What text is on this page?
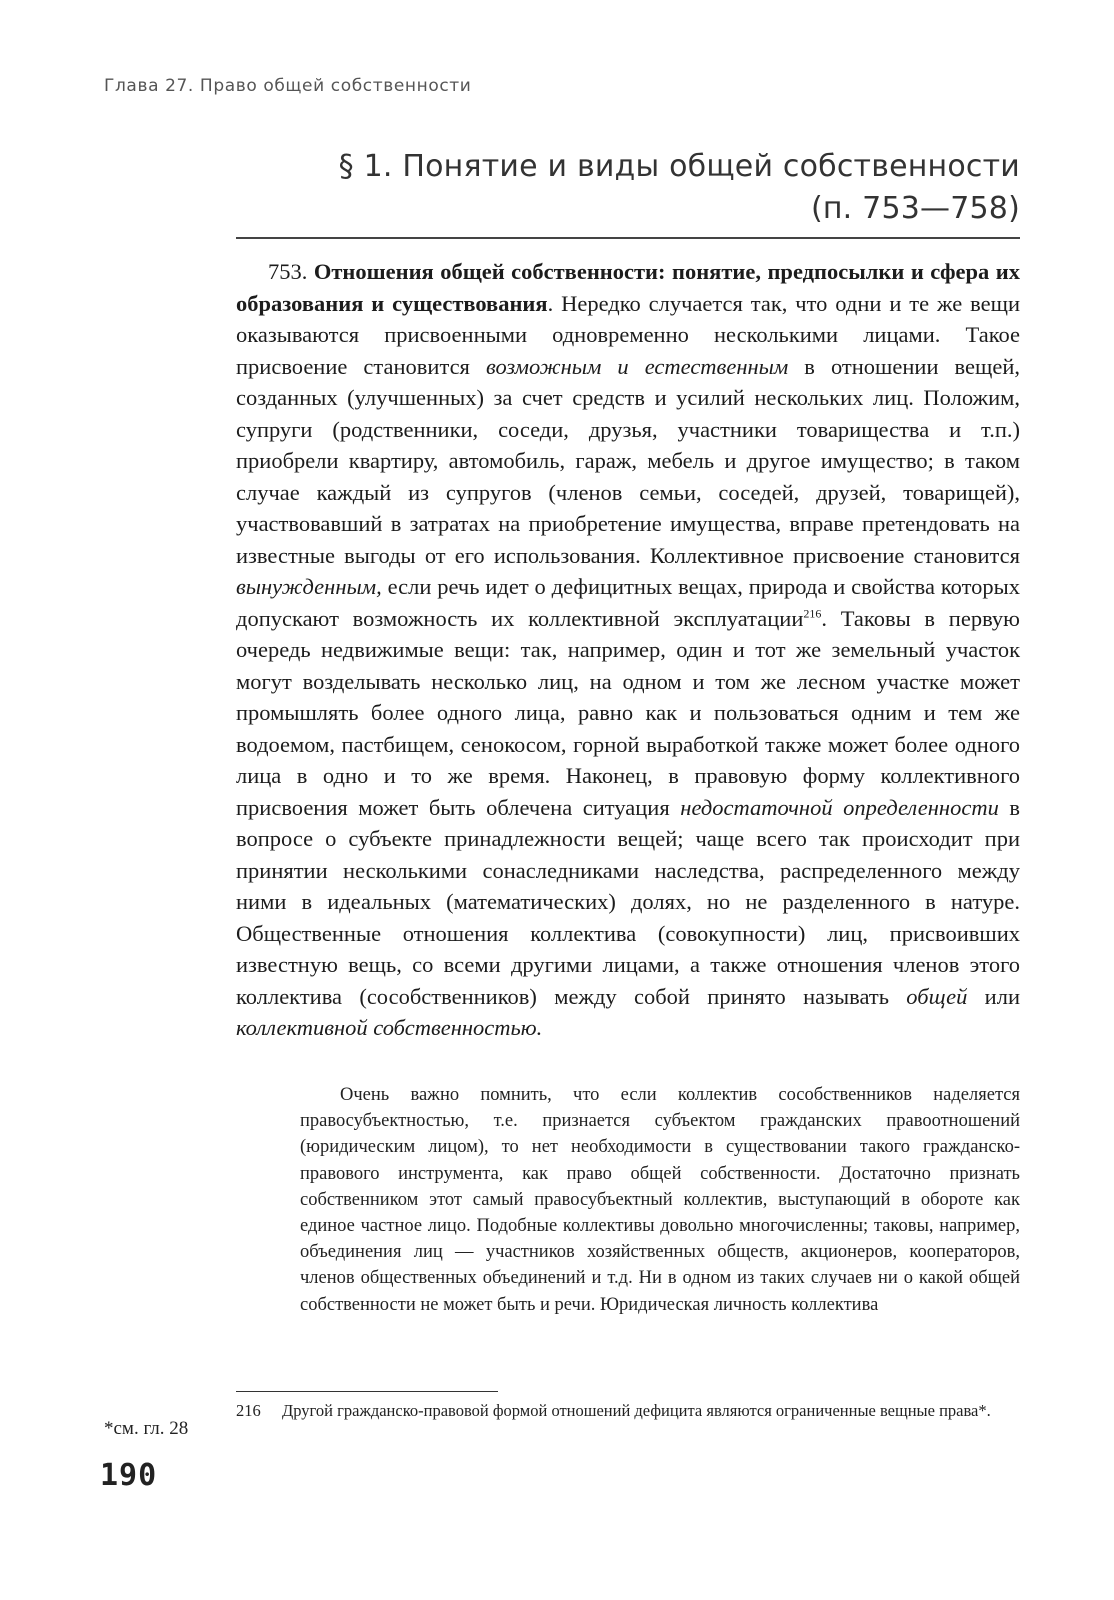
Глава 27. Право общей собственности
§ 1. Понятие и виды общей собственности
(п. 753—758)

753. Отношения общей собственности: понятие, предпосылки и сфера их образования и существования. Нередко случается так, что одни и те же вещи оказываются присвоенными одновременно несколькими лицами. Такое присвоение становится возможным и естественным в отношении вещей, созданных (улучшенных) за счет средств и усилий нескольких лиц. Положим, супруги (родственники, соседи, друзья, участники товарищества и т.п.) приобрели квартиру, автомобиль, гараж, мебель и другое имущество; в таком случае каждый из супругов (членов семьи, соседей, друзей, товарищей), участвовавший в затратах на приобретение имущества, вправе претендовать на известные выгоды от его использования. Коллективное присвоение становится вынужденным, если речь идет о дефицитных вещах, природа и свойства которых допускают возможность их коллективной эксплуатации$^{216}$. Таковы в первую очередь недвижимые вещи: так, например, один и тот же земельный участок могут возделывать несколько лиц, на одном и том же лесном участке может промышлять более одного лица, равно как и пользоваться одним и тем же водоемом, пастбищем, сенокосом, горной выработкой также может более одного лица в одно и то же время. Наконец, в правовую форму коллективного присвоения может быть облечена ситуация недостаточной определенности в вопросе о субъекте принадлежности вещей; чаще всего так происходит при принятии несколькими сонаследниками наследства, распределенного между ними в идеальных (математических) долях, но не разделенного в натуре. Общественные отношения коллектива (совокупности) лиц, присвоивших известную вещь, со всеми другими лицами, а также отношения членов этого коллектива (сособственников) между собой принято называть общей или коллективной собственностью.

Очень важно помнить, что если коллектив сособственников наделяется правосубъектностью, т.е. признается субъектом гражданских правоотношений (юридическим лицом), то нет необходимости в существовании такого гражданско-правового инструмента, как право общей собственности. Достаточно признать собственником этот самый правосубъектный коллектив, выступающий в обороте как единое частное лицо. Подобные коллективы довольно многочисленны; таковы, например, объединения лиц — участников хозяйственных обществ, акционеров, кооператоров, членов общественных объединений и т.д. Ни в одном из таких случаев ни о какой общей собственности не может быть и речи. Юридическая личность коллектива

216 Другой гражданско-правовой формой отношений дефицита являются ограниченные вещные права*.
*см. гл. 28
190
